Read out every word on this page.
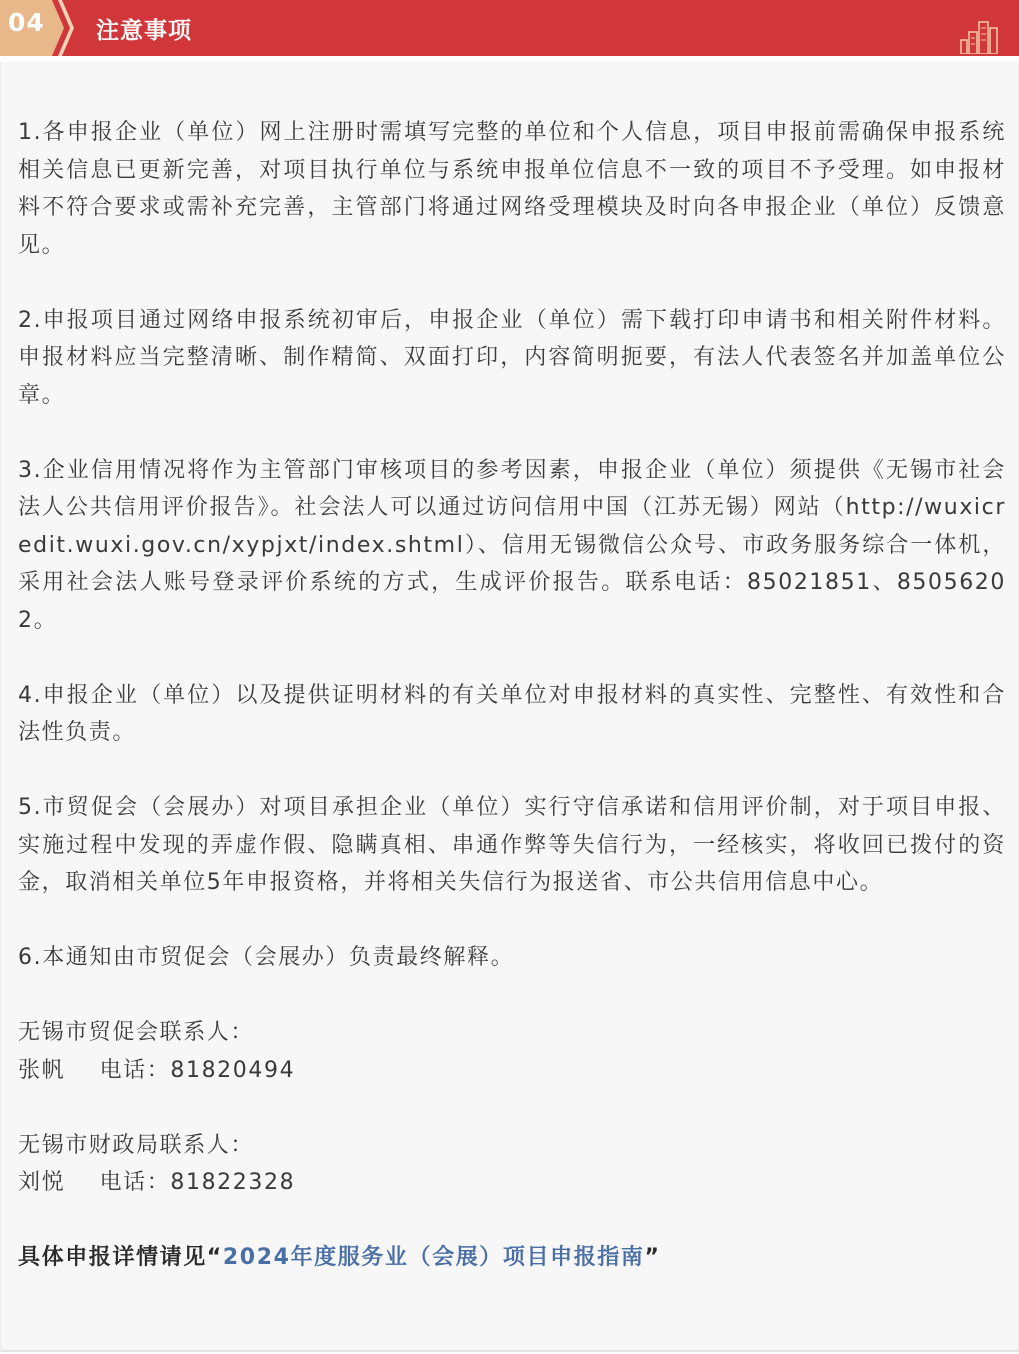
04 注意事项

1.各申报企业（单位）网上注册时需填写完整的单位和个人信息，项目申报前需确保申报系统相关信息已更新完善，对项目执行单位与系统申报单位信息不一致的项目不予受理。如申报材料不符合要求或需补充完善，主管部门将通过网络受理模块及时向各申报企业（单位）反馈意见。

2.申报项目通过网络申报系统初审后，申报企业（单位）需下载打印申请书和相关附件材料。申报材料应当完整清晰、制作精简、双面打印，内容简明扼要，有法人代表签名并加盖单位公章。

3.企业信用情况将作为主管部门审核项目的参考因素，申报企业（单位）须提供《无锡市社会法人公共信用评价报告》。社会法人可以通过访问信用中国（江苏无锡）网站（http://wuxicredit.wuxi.gov.cn/xypjxt/index.shtml）、信用无锡微信公众号、市政务服务综合一体机，采用社会法人账号登录评价系统的方式，生成评价报告。联系电话：85021851、85056202。

4.申报企业（单位）以及提供证明材料的有关单位对申报材料的真实性、完整性、有效性和合法性负责。

5.市贸促会（会展办）对项目承担企业（单位）实行守信承诺和信用评价制，对于项目申报、实施过程中发现的弄虚作假、隐瞒真相、串通作弊等失信行为，一经核实，将收回已拨付的资金，取消相关单位5年申报资格，并将相关失信行为报送省、市公共信用信息中心。

6.本通知由市贸促会（会展办）负责最终解释。

无锡市贸促会联系人：

张帆 电话：81820494

无锡市财政局联系人：

刘悦 电话：81822328

具体申报详情请见“2024年度服务业（会展）项目申报指南”
